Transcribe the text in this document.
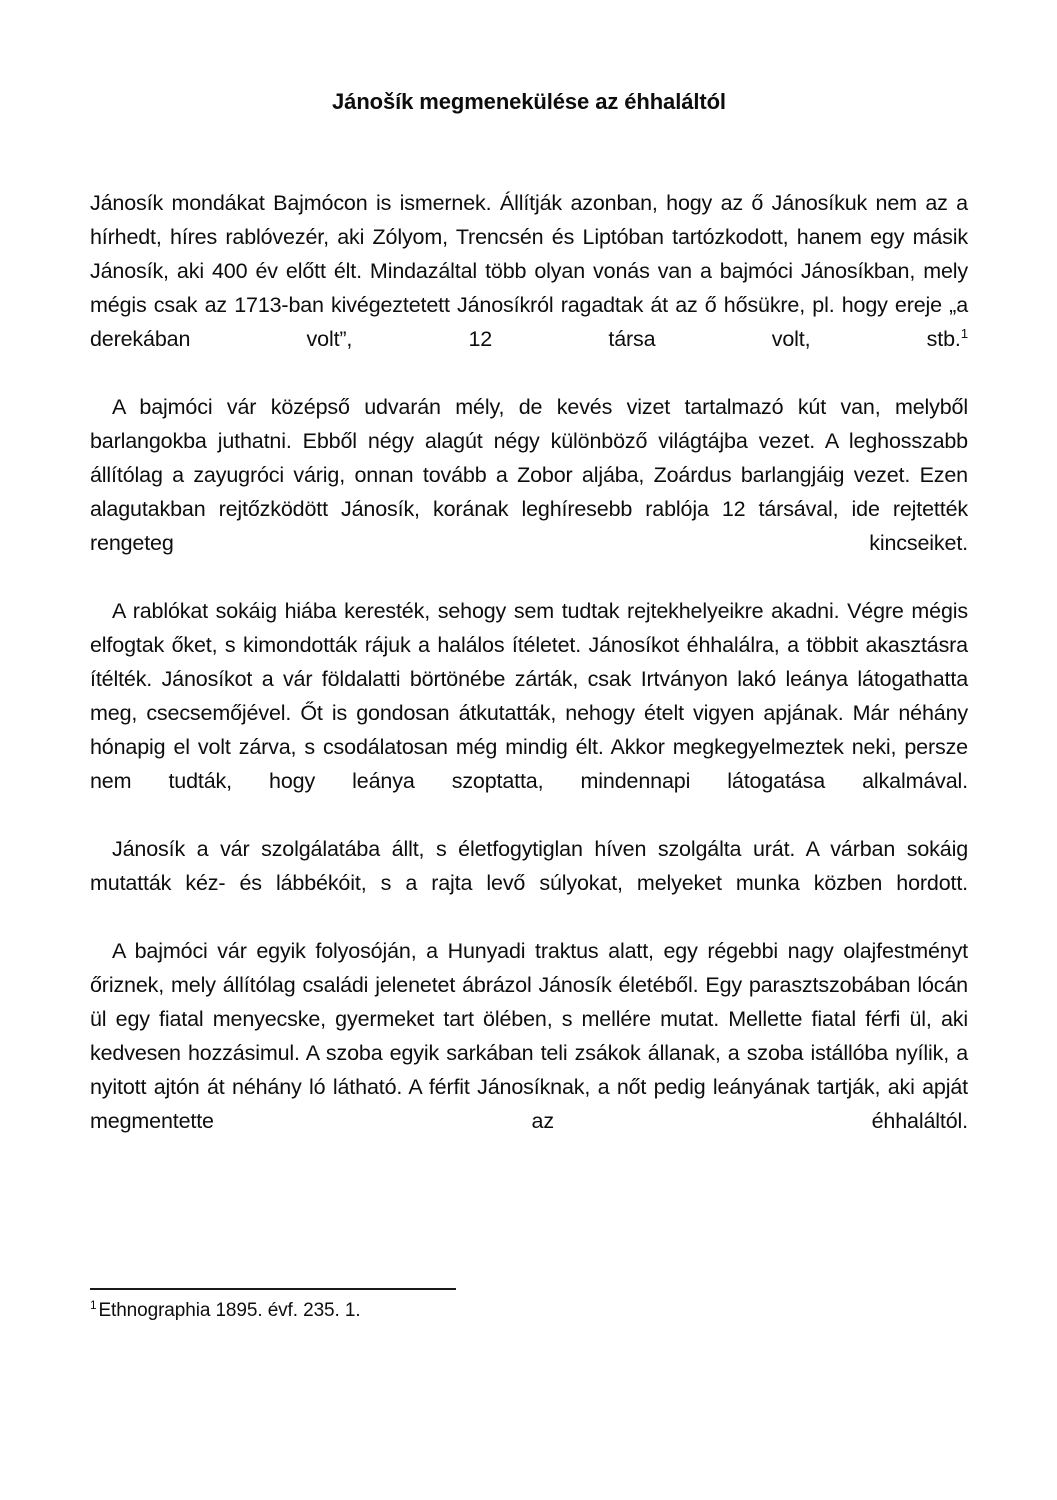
Jánošík megmenekülése az éhhaláltól

Jánosík mondákat Bajmócon is ismernek. Állítják azonban, hogy az ő Jánosíkuk nem az a hírhedt, híres rablóvezér, aki Zólyom, Trencsén és Liptóban tartózkodott, hanem egy másik Jánosík, aki 400 év előtt élt. Mindazáltal több olyan vonás van a bajmóci Jánosíkban, mely mégis csak az 1713-ban kivégeztetett Jánosíkról ragadtak át az ő hősükre, pl. hogy ereje „a derekában volt”, 12 társa volt, stb.$^1$

A bajmóci vár középső udvarán mély, de kevés vizet tartalmazó kút van, melyből barlangokba juthatni. Ebből négy alagút négy különböző világtájba vezet. A leghosszabb állítólag a zayugróci várig, onnan tovább a Zobor aljába, Zoárdus barlangjáig vezet. Ezen alagutakban rejtőzködött Jánosík, korának leghíresebb rablója 12 társával, ide rejtették rengeteg kincseiket.

A rablókat sokáig hiába keresték, sehogy sem tudtak rejtekhelyeikre akadni. Végre mégis elfogtak őket, s kimondották rájuk a halálos ítéletet. Jánosíkot éhhalálra, a többit akasztásra ítélték. Jánosíkot a vár földalatti börtönébe zárták, csak Irtványon lakó leánya látogathatta meg, csecsemőjével. Őt is gondosan átkutatták, nehogy ételt vigyen apjának. Már néhány hónapig el volt zárva, s csodálatosan még mindig élt. Akkor megkegyelmeztek neki, persze nem tudták, hogy leánya szoptatta, mindennapi látogatása alkalmával.

Jánosík a vár szolgálatába állt, s életfogytiglan híven szolgálta urát. A várban sokáig mutatták kéz- és lábbékóit, s a rajta levő súlyokat, melyeket munka közben hordott.

A bajmóci vár egyik folyosóján, a Hunyadi traktus alatt, egy régebbi nagy olajfestményt őriznek, mely állítólag családi jelenetet ábrázol Jánosík életéből. Egy parasztszobában lócán ül egy fiatal menyecske, gyermeket tart ölében, s mellére mutat. Mellette fiatal férfi ül, aki kedvesen hozzásimul. A szoba egyik sarkában teli zsákok állanak, a szoba istállóba nyílik, a nyitott ajtón át néhány ló látható. A férfit Jánosíknak, a nőt pedig leányának tartják, aki apját megmentette az éhhaláltól.

$^1$ Ethnographia 1895. évf. 235. 1.
